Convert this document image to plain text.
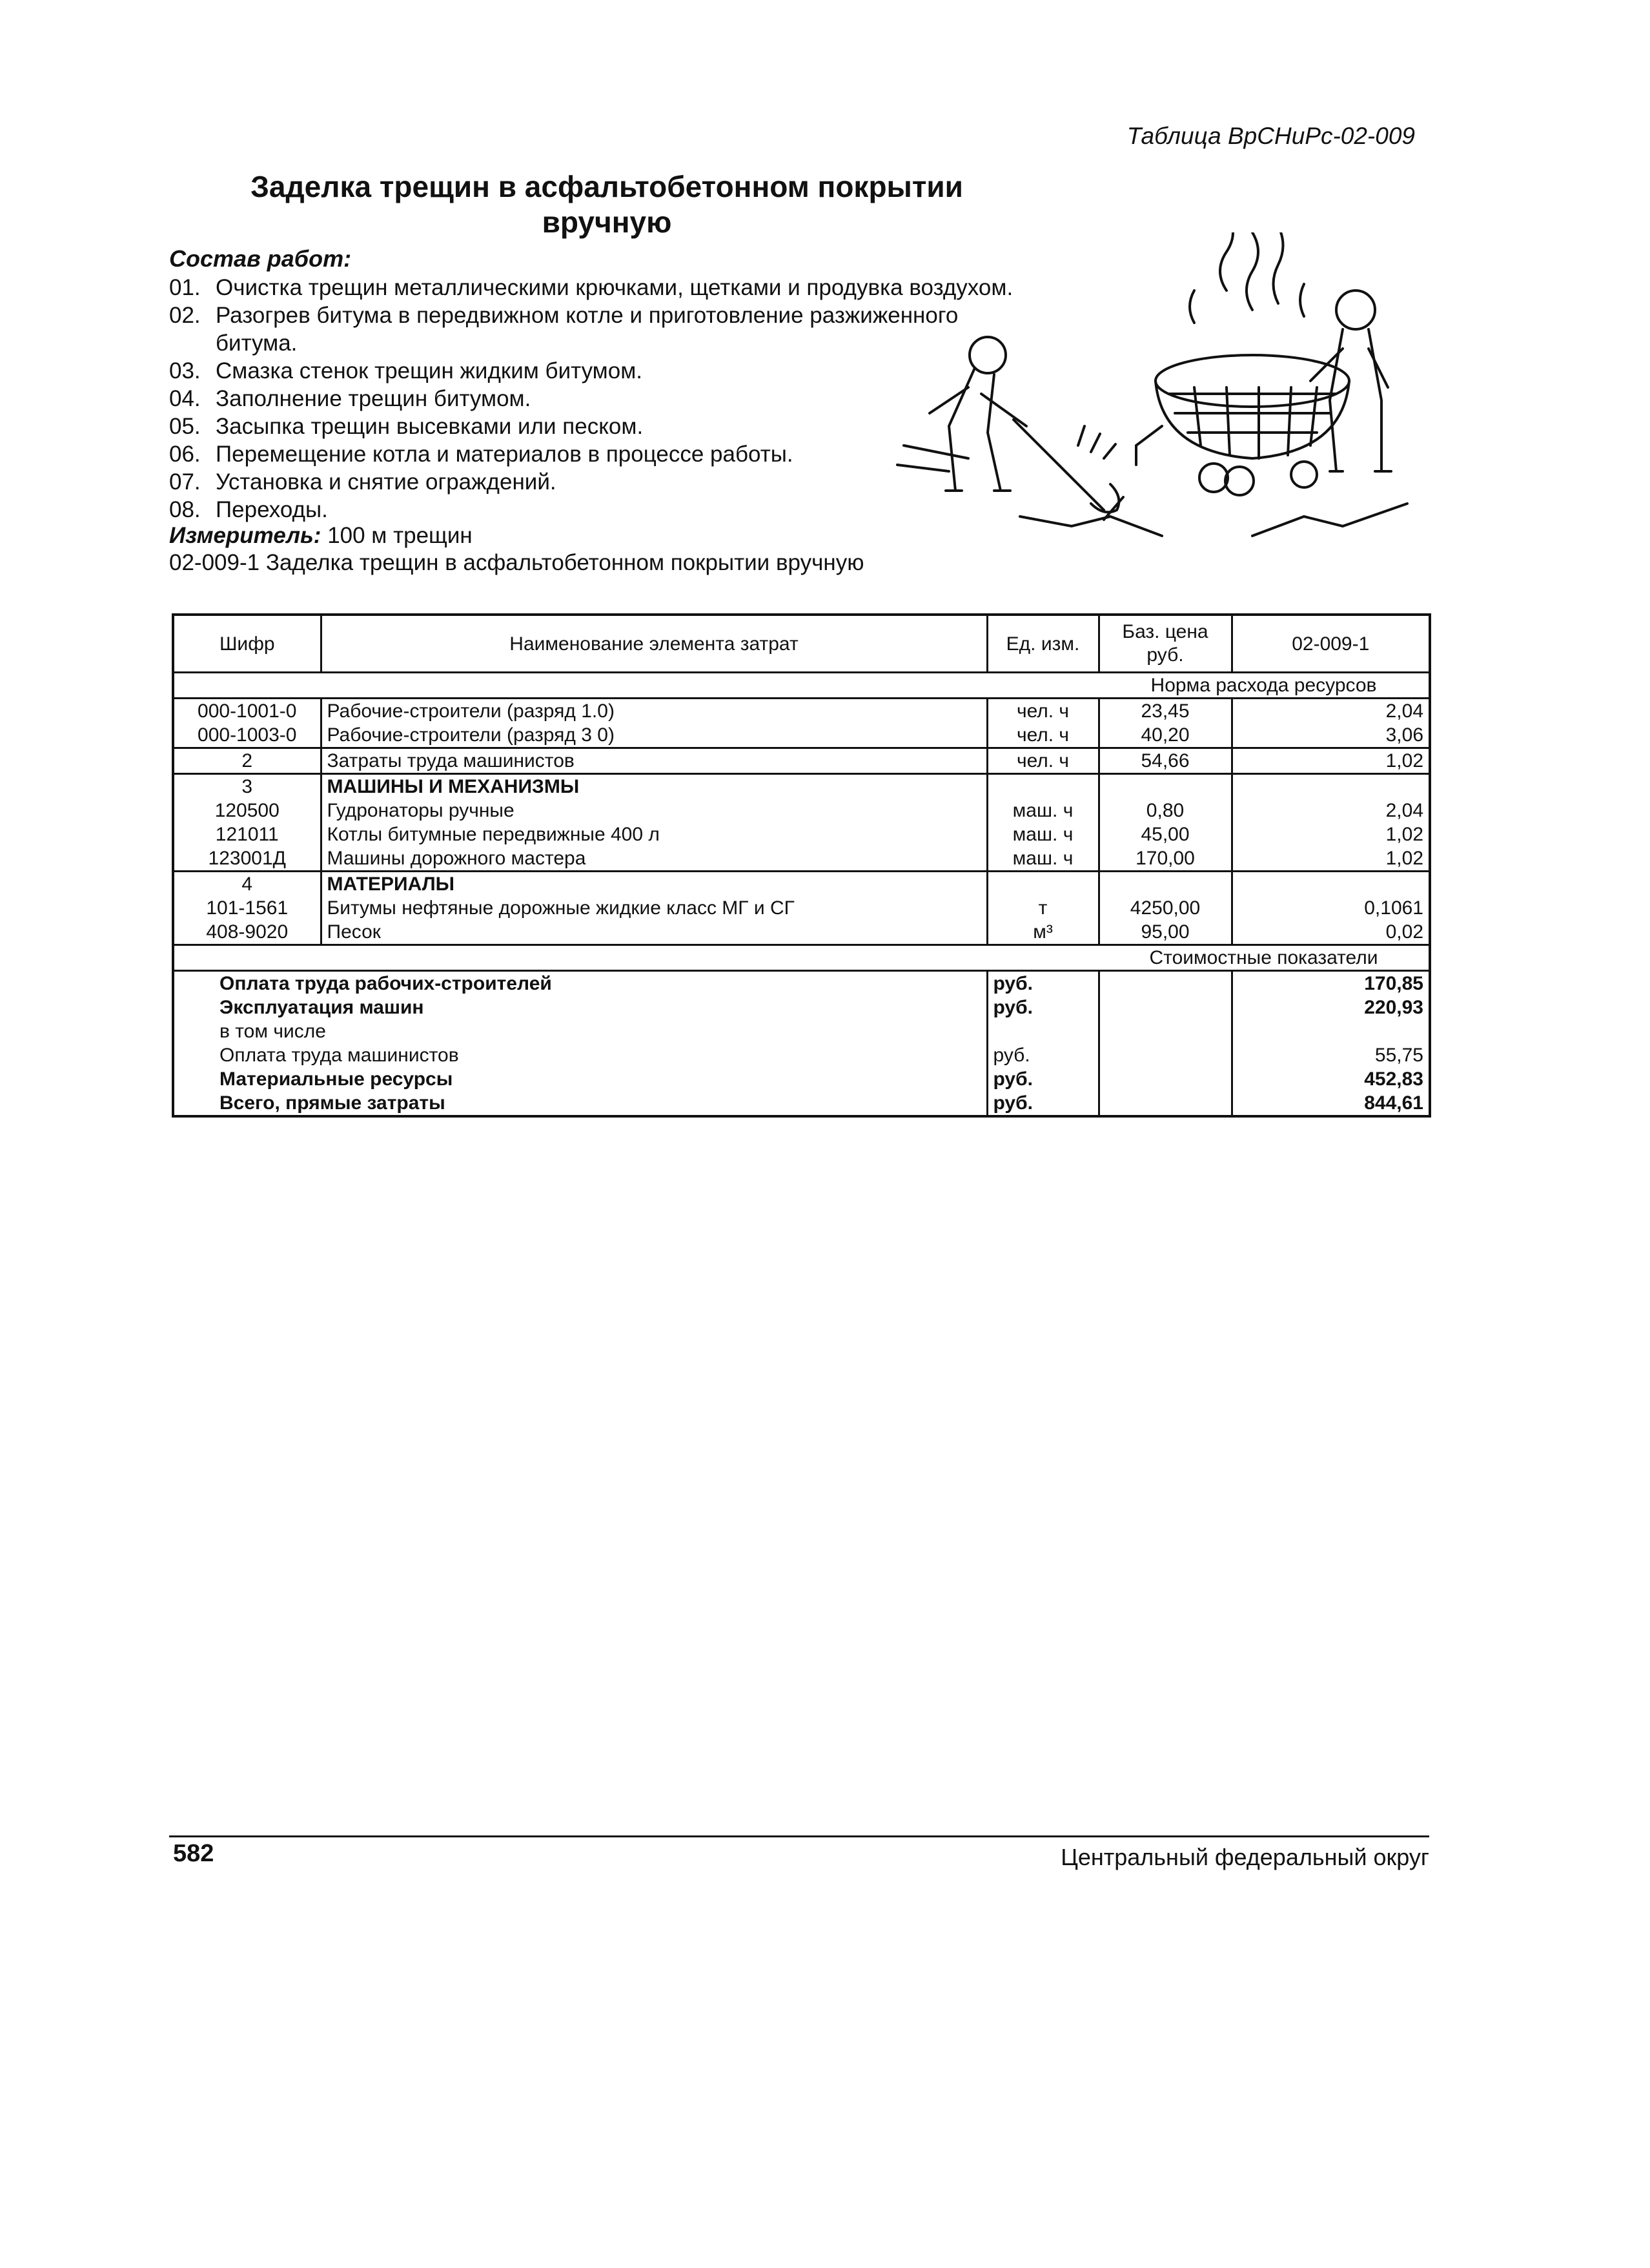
Таблица ВрСНиРс-02-009
Заделка трещин в асфальтобетонном покрытии
вручную
Состав работ:
01. Очистка трещин металлическими крючками, щетками и продувка воздухом.
02. Разогрев битума в передвижном котле и приготовление разжиженного битума.
03. Смазка стенок трещин жидким битумом.
04. Заполнение трещин битумом.
05. Засыпка трещин высевками или песком.
06. Перемещение котла и материалов в процессе работы.
07. Установка и снятие ограждений.
08. Переходы.
Измеритель: 100 м трещин
02-009-1 Заделка трещин в асфальтобетонном покрытии вручную
Шифр	Наименование элемента затрат	Ед. изм.	Баз. цена руб.	02-009-1
			Норма расхода ресурсов	
000-1001-0	Рабочие-строители (разряд 1.0)	чел. ч	23,45	2,04
000-1003-0	Рабочие-строители (разряд 3 0)	чел. ч	40,20	3,06
2	Затраты труда машинистов	чел. ч	54,66	1,02
3	МАШИНЫ И МЕХАНИЗМЫ			
120500	Гудронаторы ручные	маш. ч	0,80	2,04
121011	Котлы битумные передвижные 400 л	маш. ч	45,00	1,02
123001Д	Машины дорожного мастера	маш. ч	170,00	1,02
4	МАТЕРИАЛЫ			
101-1561	Битумы нефтяные дорожные жидкие класс МГ и СГ	т	4250,00	0,1061
408-9020	Песок	м³	95,00	0,02
			Стоимостные показатели	
Оплата труда рабочих-строителей		руб.		170,85
Эксплуатация машин		руб.		220,93
в том числе				
Оплата труда машинистов		руб.		55,75
Материальные ресурсы		руб.		452,83
Всего, прямые затраты		руб.		844,61
582	Центральный федеральный округ
